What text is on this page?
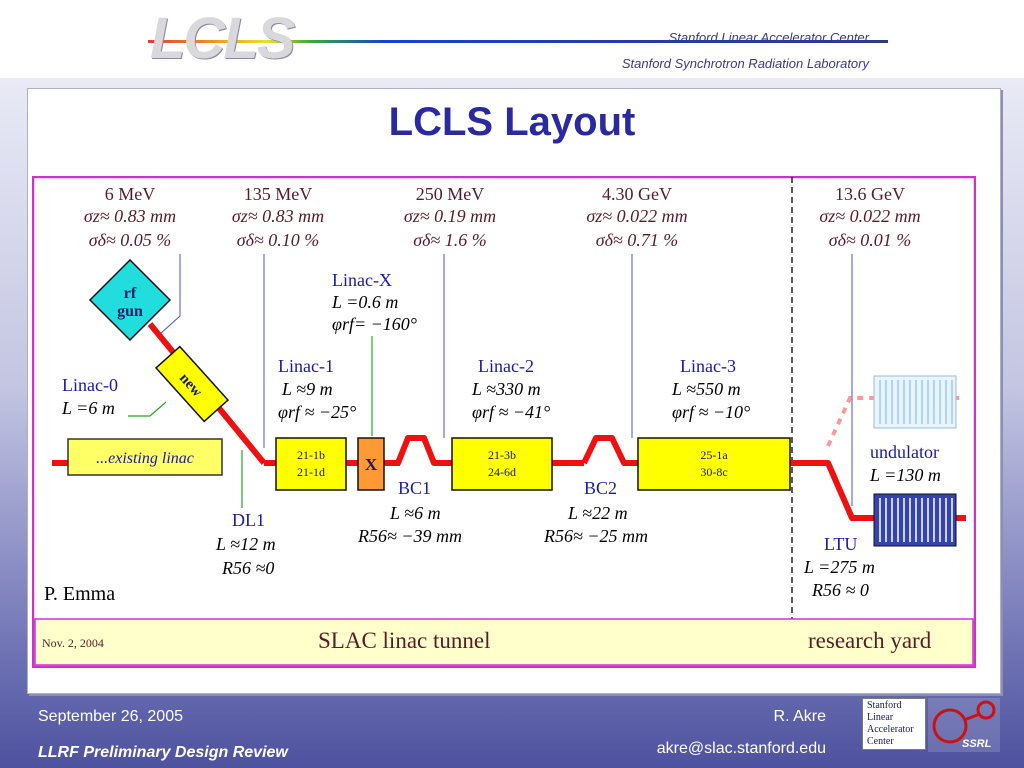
LCLS	Stanford Linear Accelerator Center
Stanford Synchrotron Radiation Laboratory
LCLS Layout
Nov. 2, 2004	SLAC linac tunnel	research yard
P. Emma
6 MeV
σz≈ 0.83 mm
σδ≈ 0.05 %
135 MeV
σz≈ 0.83 mm
σδ≈ 0.10 %
250 MeV
σz≈ 0.19 mm
σδ≈ 1.6 %
4.30 GeV
σz≈ 0.022 mm
σδ≈ 0.71 %
13.6 GeV
σz≈ 0.022 mm
σδ≈ 0.01 %
...existing linac
rf
gun
new
Linac-0
L =6 m
Linac-X
L =0.6 m
φrf= −160°
X
Linac-1
L ≈9 m
φrf ≈ −25°
21-1b
21-1d
Linac-2
L ≈330 m
φrf ≈ −41°
21-3b
24-6d
Linac-3
L ≈550 m
φrf ≈ −10°
25-1a
30-8c
DL1
L ≈12 m
R56 ≈0
BC1
L ≈6 m
R56≈ −39 mm
BC2
L ≈22 m
R56≈ −25 mm
undulator
L =130 m
LTU
L =275 m
R56 ≈ 0
September 26, 2005
LLRF Preliminary Design Review
R. Akre
akre@slac.stanford.edu
Stanford
Linear
Accelerator
Center	SSRL
